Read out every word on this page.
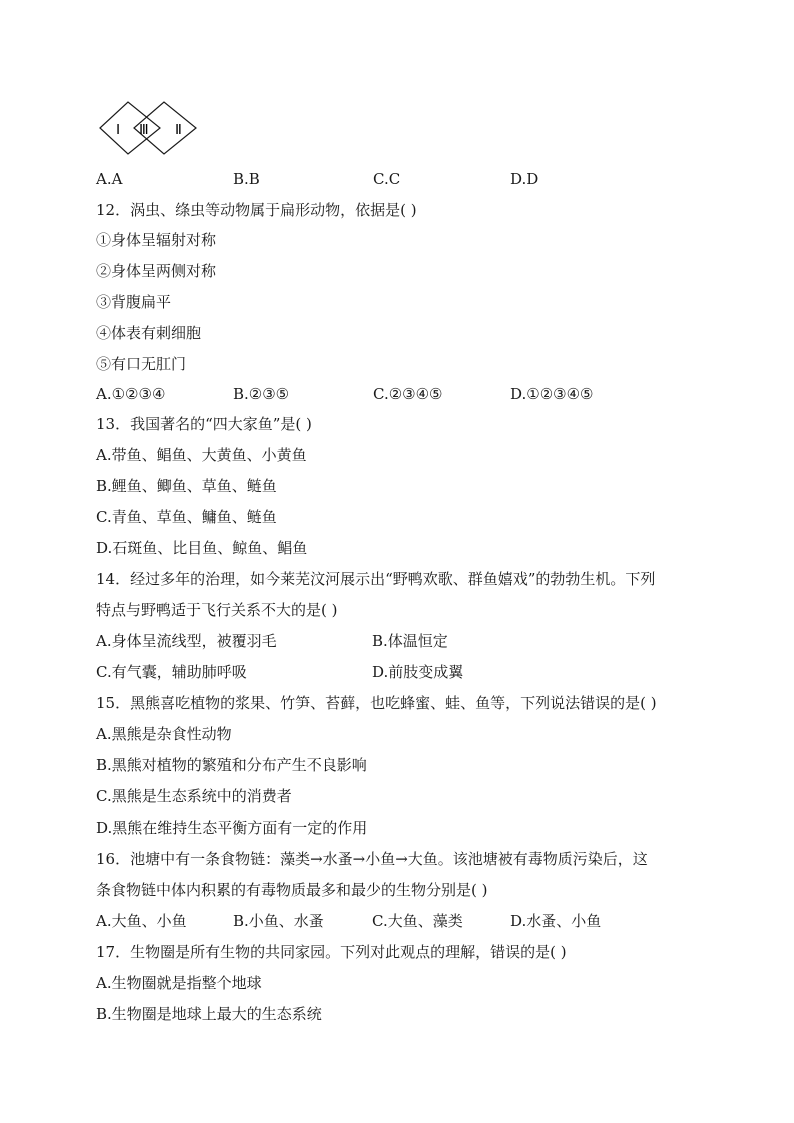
Ⅰ Ⅲ Ⅱ
A.A	B.B	C.C	D.D
12．涡虫、绦虫等动物属于扁形动物，依据是( )
①身体呈辐射对称
②身体呈两侧对称
③背腹扁平
④体表有刺细胞
⑤有口无肛门
A.①②③④	B.②③⑤	C.②③④⑤	D.①②③④⑤
13．我国著名的“四大家鱼”是( )
A.带鱼、鲳鱼、大黄鱼、小黄鱼
B.鲤鱼、鲫鱼、草鱼、鲢鱼
C.青鱼、草鱼、鳙鱼、鲢鱼
D.石斑鱼、比目鱼、鲸鱼、鲳鱼
14．经过多年的治理，如今莱芜汶河展示出“野鸭欢歌、群鱼嬉戏”的勃勃生机。下列
特点与野鸭适于飞行关系不大的是( )
A.身体呈流线型，被覆羽毛	B.体温恒定
C.有气囊，辅助肺呼吸	D.前肢变成翼
15．黑熊喜吃植物的浆果、竹笋、苔藓，也吃蜂蜜、蛙、鱼等，下列说法错误的是( )
A.黑熊是杂食性动物
B.黑熊对植物的繁殖和分布产生不良影响
C.黑熊是生态系统中的消费者
D.黑熊在维持生态平衡方面有一定的作用
16．池塘中有一条食物链：藻类→水蚤→小鱼→大鱼。该池塘被有毒物质污染后，这
条食物链中体内积累的有毒物质最多和最少的生物分别是( )
A.大鱼、小鱼	B.小鱼、水蚤	C.大鱼、藻类	D.水蚤、小鱼
17．生物圈是所有生物的共同家园。下列对此观点的理解，错误的是( )
A.生物圈就是指整个地球
B.生物圈是地球上最大的生态系统
